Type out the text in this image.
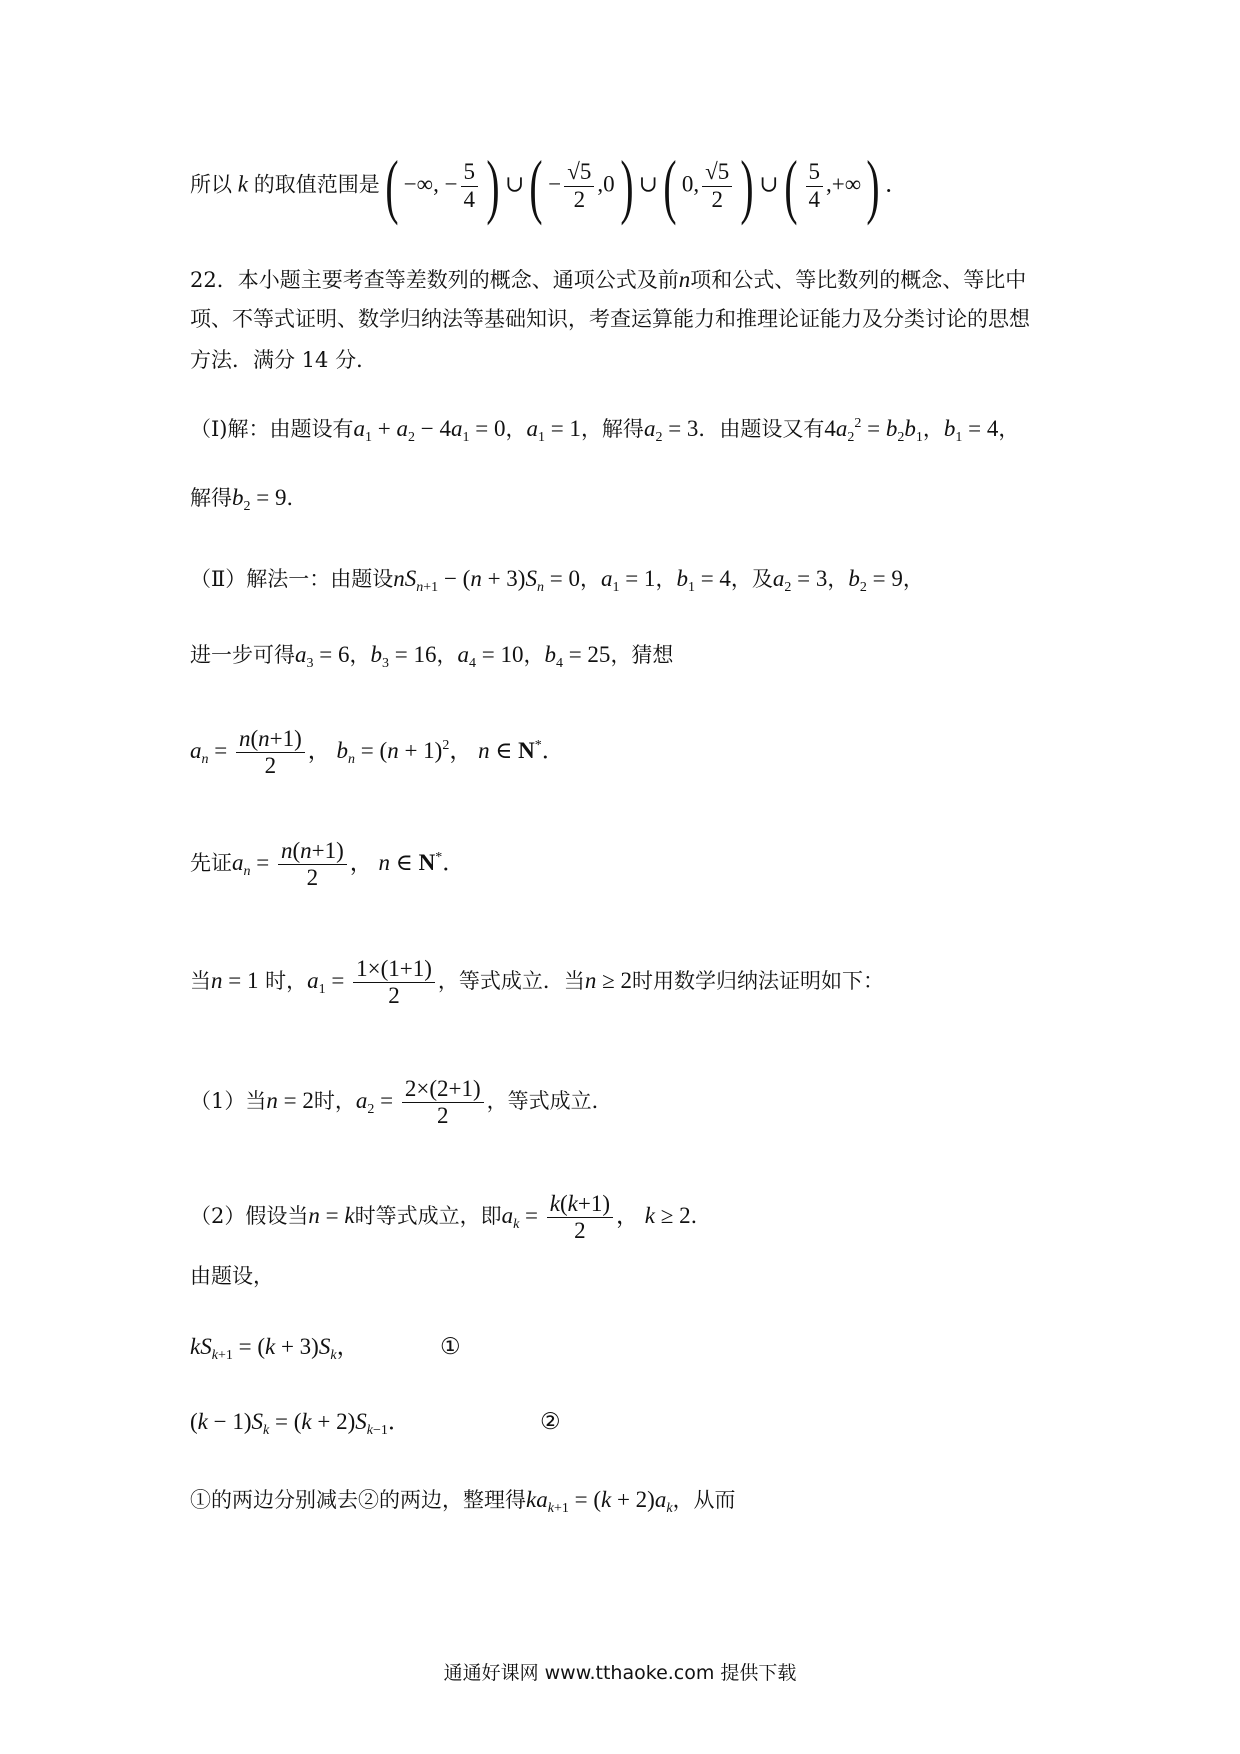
所以 k 的取值范围是( −∞, − $\frac{5}{4}$ ) ∪( − $\frac{√5}{2} ,0$) ∪( 0, $\frac{√5}{2}$ ) ∪( $\frac{5}{4}$ ,+∞) ．
22．本小题主要考查等差数列的概念、通项公式及前n项和公式、等比数列的概念、等比中
项、不等式证明、数学归纳法等基础知识，考查运算能力和推理论证能力及分类讨论的思想
方法．满分 14 分．
（Ⅰ)解：由题设有$a_1 + a_2 - 4a_1 = 0$，$a_1 = 1$，解得$a_2 = 3$．由题设又有$4a_2^2 = b_2b_1$，$b_1 = 4$，
解得$b_2 = 9$．
（Ⅱ）解法一：由题设$nS_{n+1} - (n + 3)S_n = 0$，$a_1 = 1$，$b_1 = 4$，及$a_2 = 3$，$b_2 = 9$，
进一步可得$a_3 = 6$，$b_3 = 16$，$a_4 = 10$，$b_4 = 25$，猜想
$a_n = \frac{n(n+1)}{2}$ ， $b_n = (n + 1)^2$， n ∈ N*．
先证$a_n = \frac{n(n+1)}{2}$ ， n ∈ N*．
当n = 1 时，$a_1 = \frac{1\times(1+1)}{2}$ ，等式成立．当n ≥ 2时用数学归纳法证明如下：
（1）当n = 2时，$a_2 = \frac{2\times(2+1)}{2}$ ，等式成立．
（2）假设当n = k时等式成立，即$a_k = \frac{k(k+1)}{2}$ ， k ≥ 2．
由题设，
$kS_{k+1} = (k + 3)S_k$，	①
$(k - 1)S_k = (k + 2)S_{k-1}$．	②
①的两边分别减去②的两边，整理得$ka_{k+1} = (k + 2)a_k$，从而
通通好课网 www.tthaoke.com 提供下载
